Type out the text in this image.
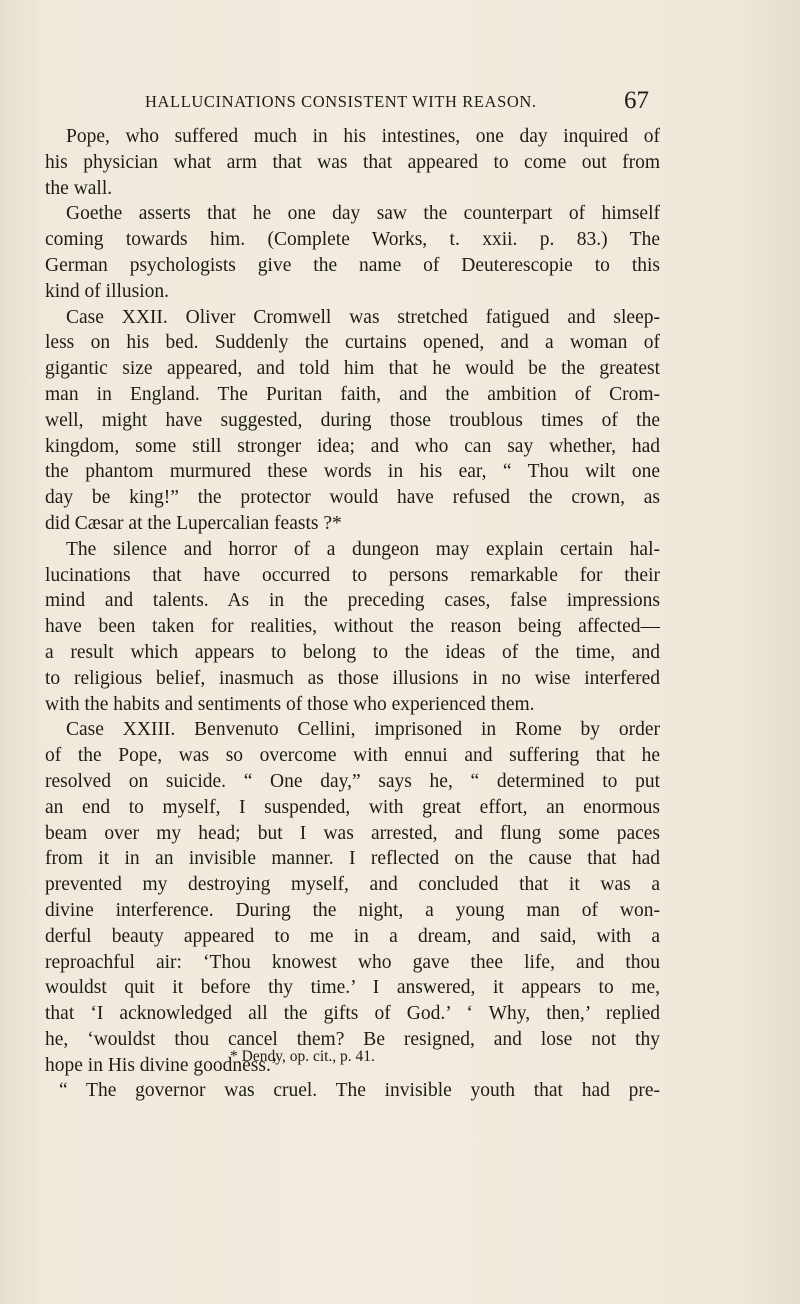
HALLUCINATIONS CONSISTENT WITH REASON.	67
Pope, who suffered much in his intestines, one day inquired of
his physician what arm that was that appeared to come out from
the wall.
Goethe asserts that he one day saw the counterpart of himself
coming towards him. (Complete Works, t. xxii. p. 83.) The
German psychologists give the name of Deuterescopie to this
kind of illusion.
Case XXII. Oliver Cromwell was stretched fatigued and sleep-
less on his bed. Suddenly the curtains opened, and a woman of
gigantic size appeared, and told him that he would be the greatest
man in England. The Puritan faith, and the ambition of Crom-
well, might have suggested, during those troublous times of the
kingdom, some still stronger idea; and who can say whether, had
the phantom murmured these words in his ear, “ Thou wilt one
day be king!” the protector would have refused the crown, as
did Cæsar at the Lupercalian feasts ?*
The silence and horror of a dungeon may explain certain hal-
lucinations that have occurred to persons remarkable for their
mind and talents. As in the preceding cases, false impressions
have been taken for realities, without the reason being affected—
a result which appears to belong to the ideas of the time, and
to religious belief, inasmuch as those illusions in no wise interfered
with the habits and sentiments of those who experienced them.
Case XXIII. Benvenuto Cellini, imprisoned in Rome by order
of the Pope, was so overcome with ennui and suffering that he
resolved on suicide. “ One day,” says he, “ determined to put
an end to myself, I suspended, with great effort, an enormous
beam over my head; but I was arrested, and flung some paces
from it in an invisible manner. I reflected on the cause that had
prevented my destroying myself, and concluded that it was a
divine interference. During the night, a young man of won-
derful beauty appeared to me in a dream, and said, with a
reproachful air: ‘Thou knowest who gave thee life, and thou
wouldst quit it before thy time.’ I answered, it appears to me,
that ‘I acknowledged all the gifts of God.’ ‘ Why, then,’ replied
he, ‘wouldst thou cancel them? Be resigned, and lose not thy
hope in His divine goodness.’
“ The governor was cruel. The invisible youth that had pre-
* Dendy, op. cit., p. 41.
